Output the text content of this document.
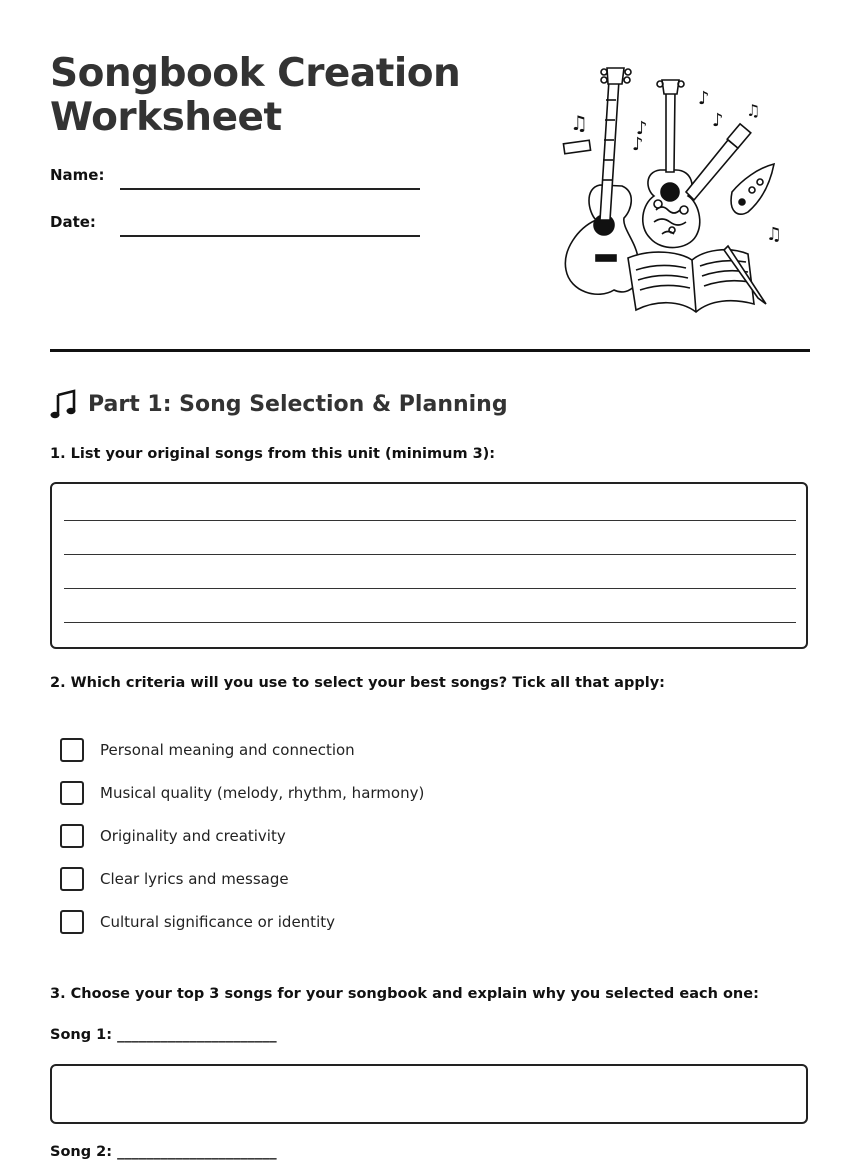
Songbook Creation Worksheet
Name:
Date:
♫	♪
♪
♪
♪ ♫
♫
Part 1: Song Selection & Planning
1. List your original songs from this unit (minimum 3):
2. Which criteria will you use to select your best songs? Tick all that apply:
Personal meaning and connection
Musical quality (melody, rhythm, harmony)
Originality and creativity
Clear lyrics and message
Cultural significance or identity
3. Choose your top 3 songs for your songbook and explain why you selected each one:
Song 1: ______________________
Song 2: ______________________
